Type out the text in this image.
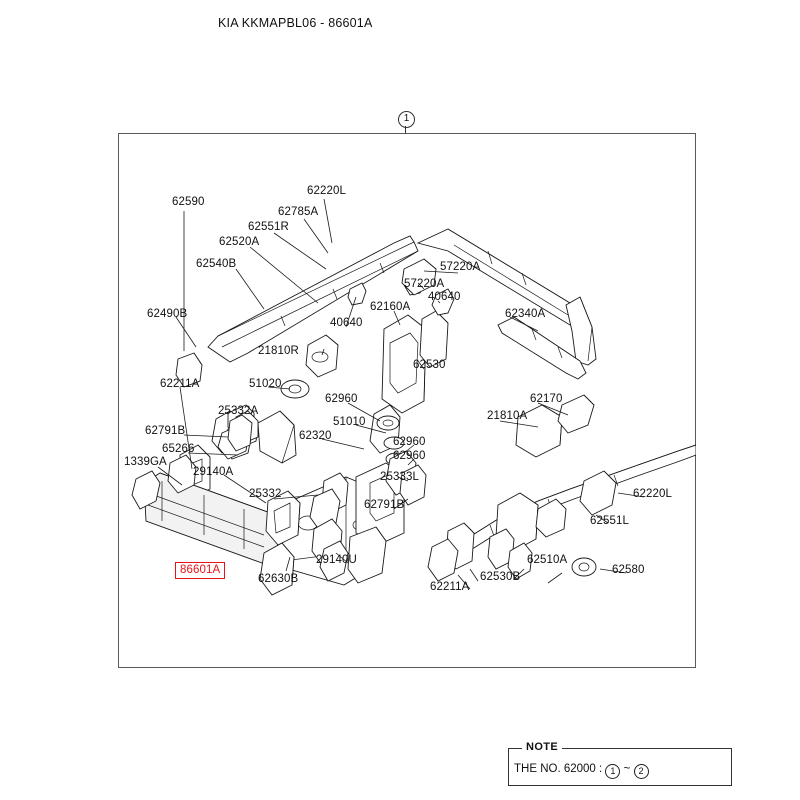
KIA KKMAPBL06 - 86601A
1
62590
62220L
62785A
62551R
62520A
62540B	57220A
57220A
40640
62490B
62160A
62340A
40640
21810R
62530
62211A	51020
62960	62170
51010
62791B
25332A
62320
21810A
65266
62960
1339GA	62960
29140A	25333L
25332	62220L
62791B
62551L
29140U
62580
62510A
62630B	62530B
62211A
86601A
NOTE
THE NO. 62000 : 1 ~ 2
